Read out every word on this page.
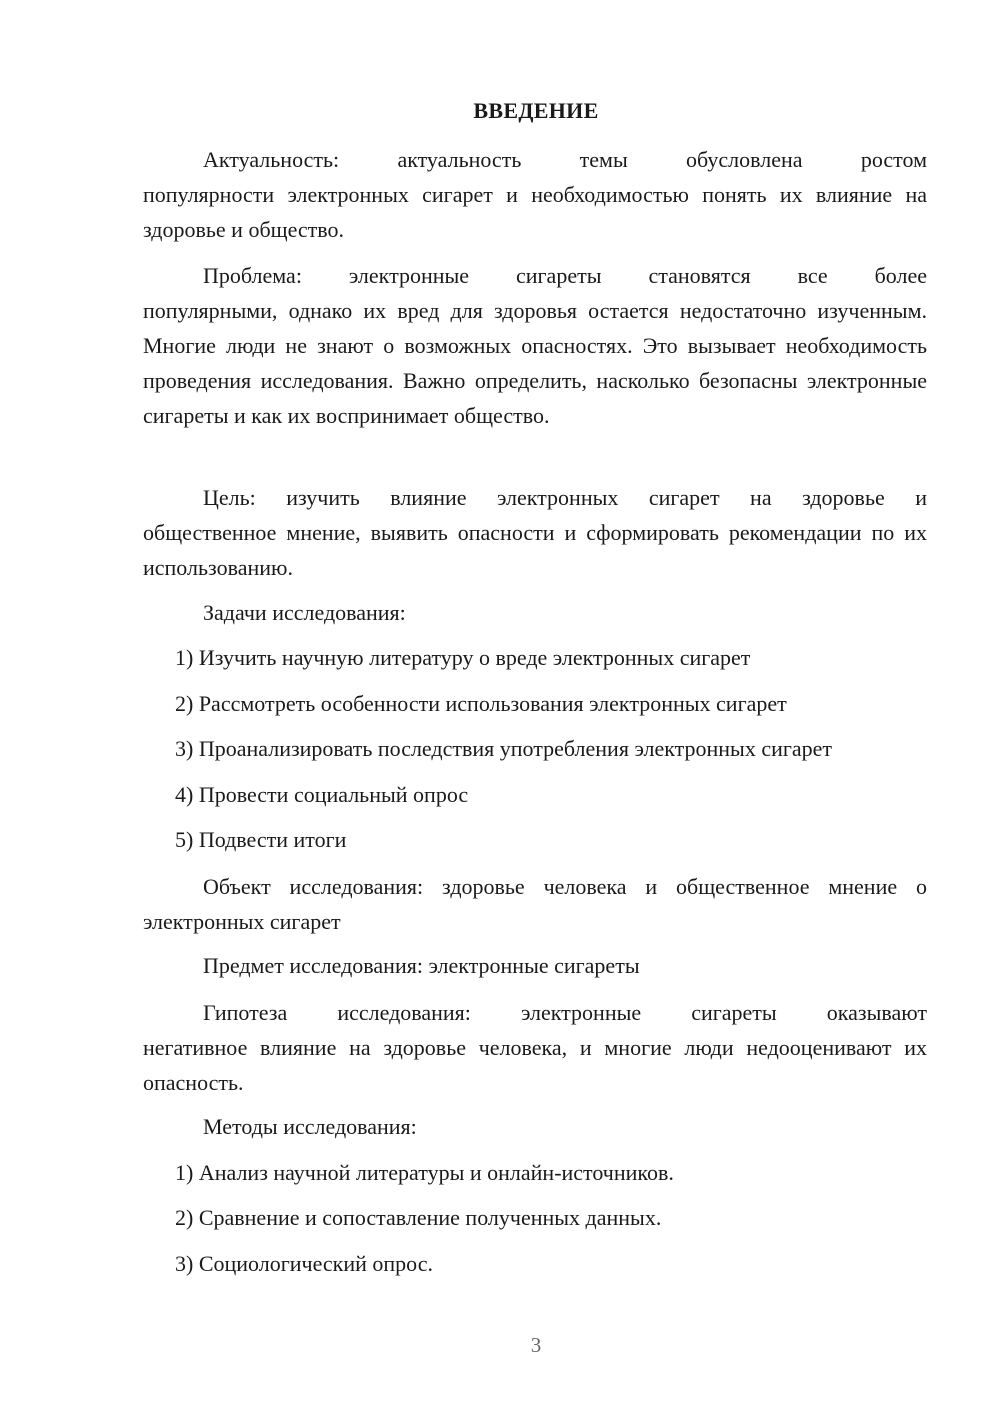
ВВЕДЕНИЕ
Актуальность: актуальность темы обусловлена ростом
популярности электронных сигарет и необходимостью понять их влияние на здоровье и общество.
Проблема: электронные сигареты становятся все более
популярными, однако их вред для здоровья остается недостаточно изученным. Многие люди не знают о возможных опасностях. Это вызывает необходимость проведения исследования. Важно определить, насколько безопасны электронные сигареты и как их воспринимает общество.
Цель: изучить влияние электронных сигарет на здоровье и
общественное мнение, выявить опасности и сформировать рекомендации по их использованию.
Задачи исследования:
1) Изучить научную литературу о вреде электронных сигарет
2) Рассмотреть особенности использования электронных сигарет
3) Проанализировать последствия употребления электронных сигарет
4) Провести социальный опрос
5) Подвести итоги
Объект исследования: здоровье человека и общественное мнение о
электронных сигарет
Предмет исследования: электронные сигареты
Гипотеза исследования: электронные сигареты оказывают
негативное влияние на здоровье человека, и многие люди недооценивают их опасность.
Методы исследования:
1) Анализ научной литературы и онлайн-источников.
2) Сравнение и сопоставление полученных данных.
3) Социологический опрос.
3
